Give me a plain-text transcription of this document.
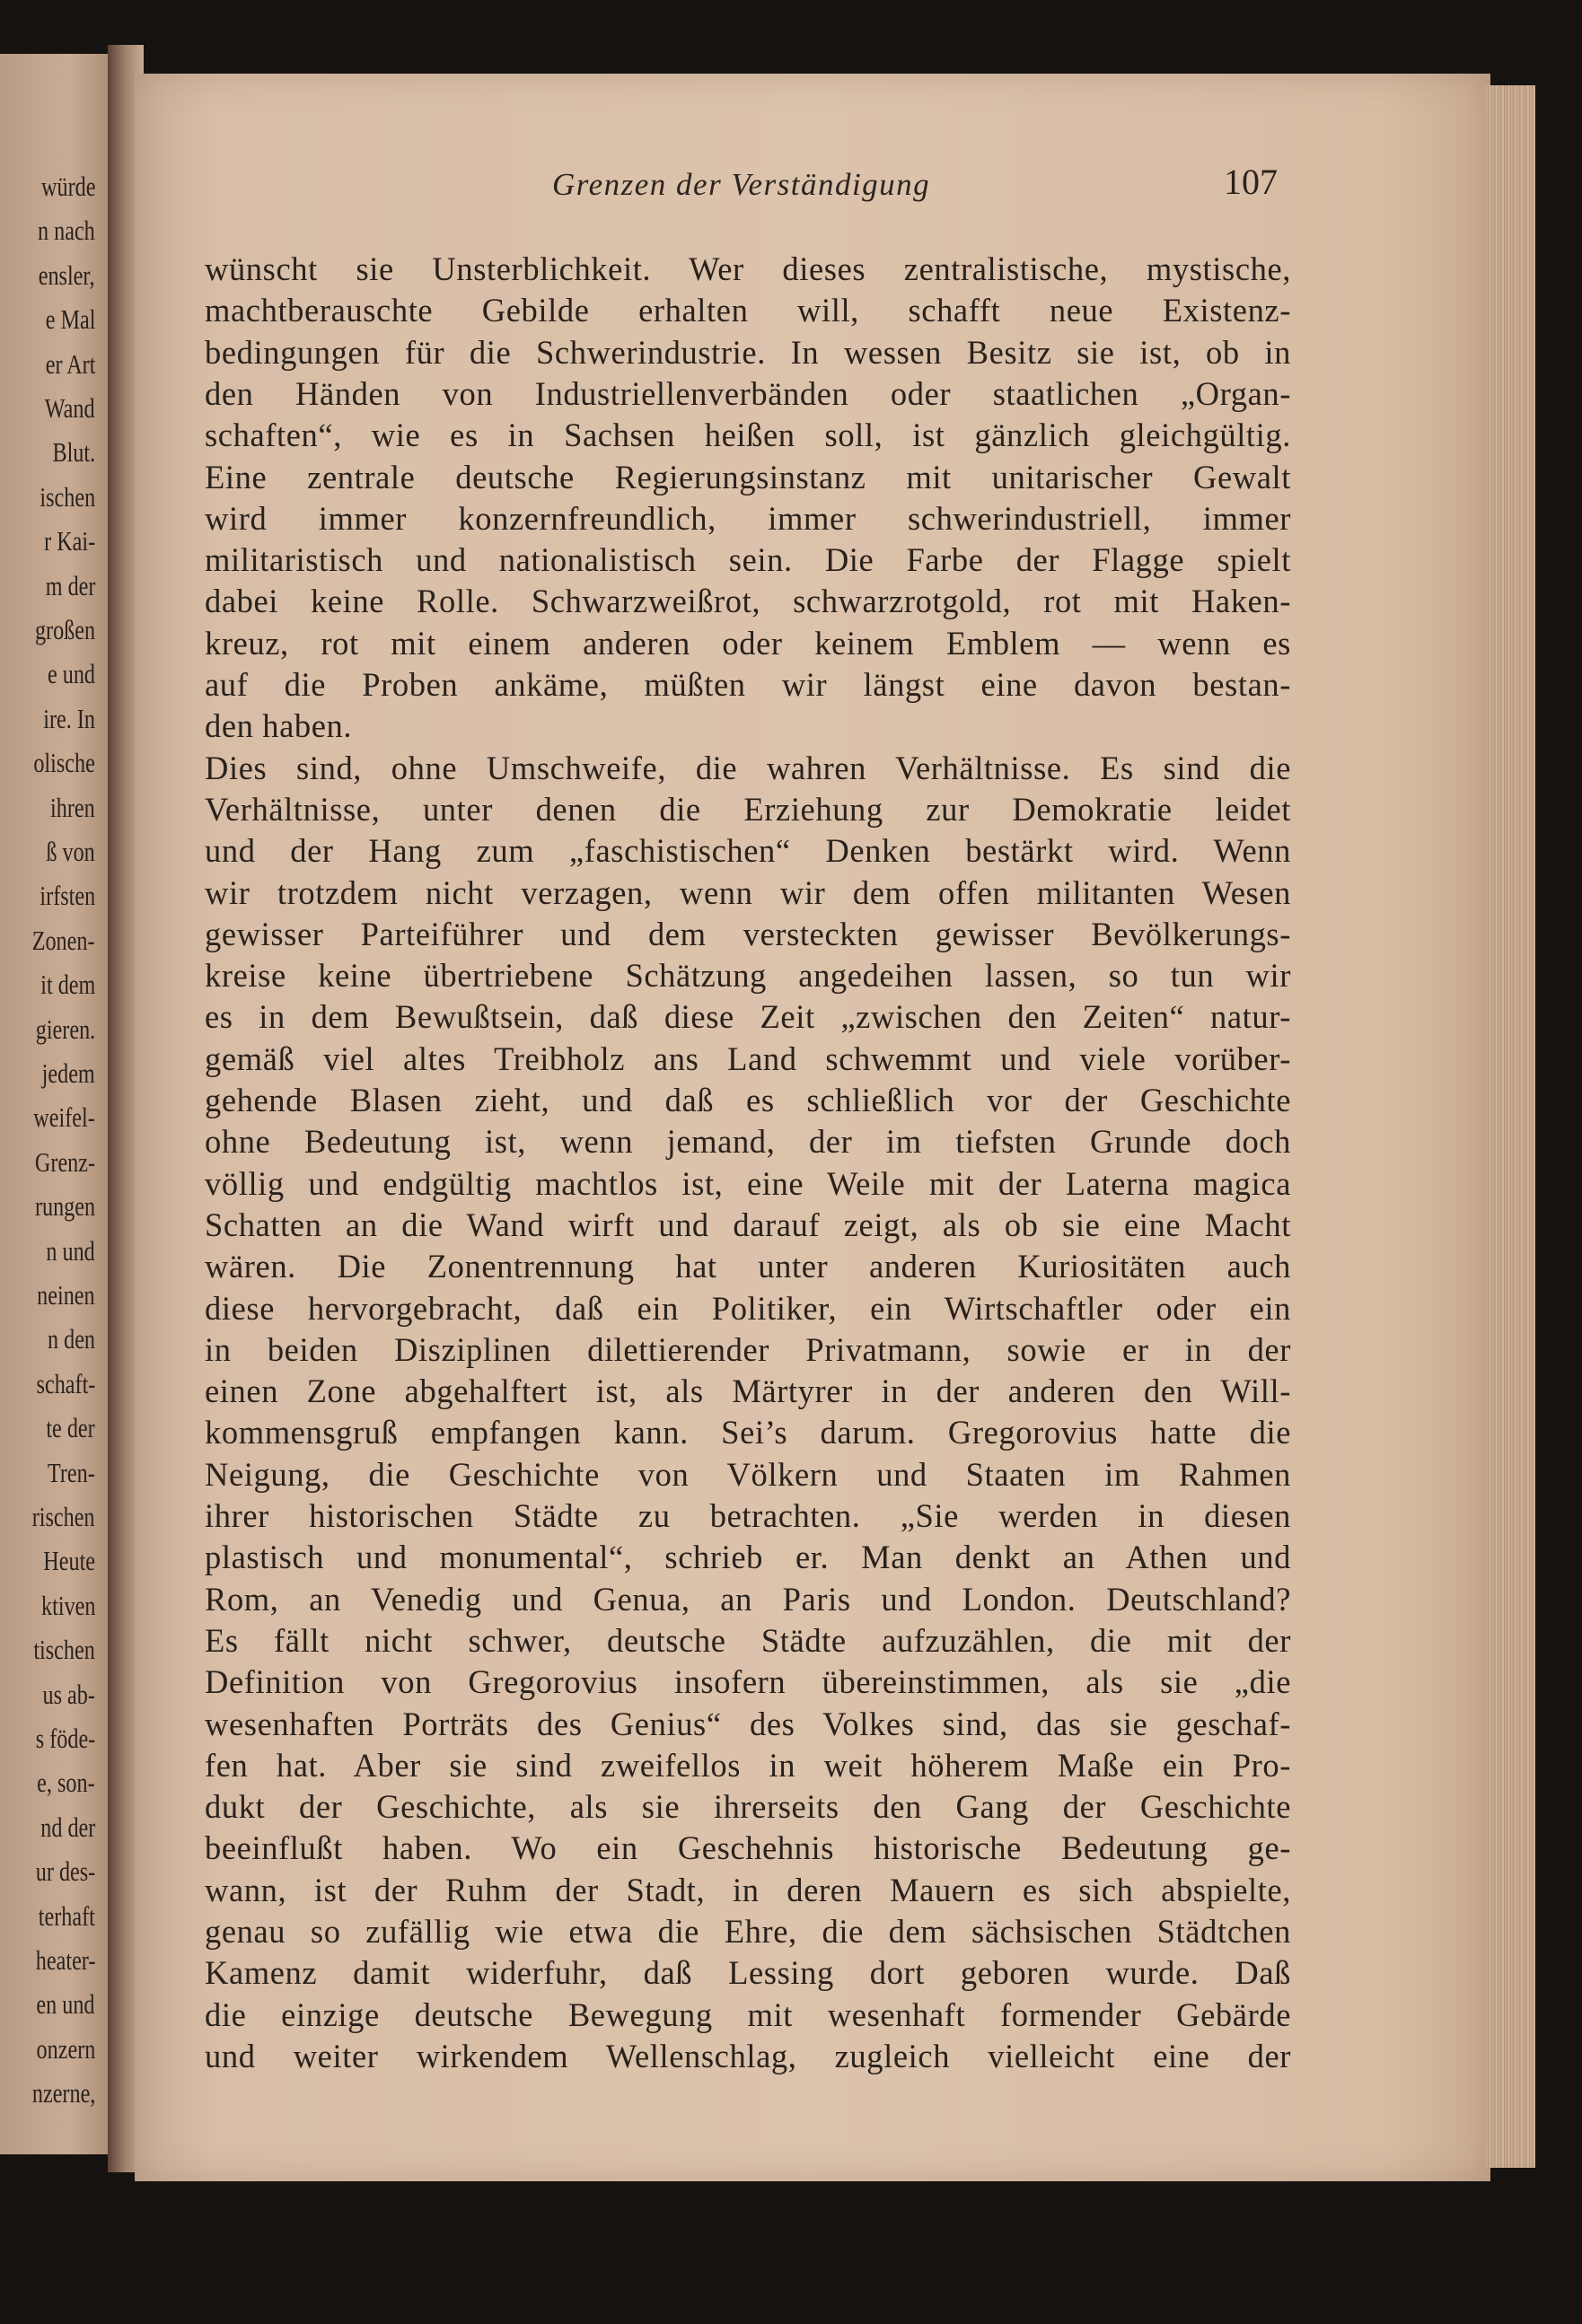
würde
n nach
ensler,
e Mal
er Art
Wand
Blut.
ischen
r Kai-
m der
großen
e und
ire. In
olische
ihren
ß von
irfsten
Zonen-
it dem
gieren.
jedem
weifel-
Grenz-
rungen
n und
neinen
n den
schaft-
te der
Tren-
rischen
Heute
ktiven
tischen
us ab-
s föde-
e, son-
nd der
ur des-
terhaft
heater-
en und
onzern
nzerne,
Grenzen der Verständigung	107
wünscht sie Unsterblichkeit. Wer dieses zentralistische, mystische,
machtberauschte Gebilde erhalten will, schafft neue Existenz-
bedingungen für die Schwerindustrie. In wessen Besitz sie ist, ob in
den Händen von Industriellenverbänden oder staatlichen „Organ-
schaften“, wie es in Sachsen heißen soll, ist gänzlich gleichgültig.
Eine zentrale deutsche Regierungsinstanz mit unitarischer Gewalt
wird immer konzernfreundlich, immer schwerindustriell, immer
militaristisch und nationalistisch sein. Die Farbe der Flagge spielt
dabei keine Rolle. Schwarzweißrot, schwarzrotgold, rot mit Haken-
kreuz, rot mit einem anderen oder keinem Emblem — wenn es
auf die Proben ankäme, müßten wir längst eine davon bestan-
den haben.
Dies sind, ohne Umschweife, die wahren Verhältnisse. Es sind die
Verhältnisse, unter denen die Erziehung zur Demokratie leidet
und der Hang zum „faschistischen“ Denken bestärkt wird. Wenn
wir trotzdem nicht verzagen, wenn wir dem offen militanten Wesen
gewisser Parteiführer und dem versteckten gewisser Bevölkerungs-
kreise keine übertriebene Schätzung angedeihen lassen, so tun wir
es in dem Bewußtsein, daß diese Zeit „zwischen den Zeiten“ natur-
gemäß viel altes Treibholz ans Land schwemmt und viele vorüber-
gehende Blasen zieht, und daß es schließlich vor der Geschichte
ohne Bedeutung ist, wenn jemand, der im tiefsten Grunde doch
völlig und endgültig machtlos ist, eine Weile mit der Laterna magica
Schatten an die Wand wirft und darauf zeigt, als ob sie eine Macht
wären. Die Zonentrennung hat unter anderen Kuriositäten auch
diese hervorgebracht, daß ein Politiker, ein Wirtschaftler oder ein
in beiden Disziplinen dilettierender Privatmann, sowie er in der
einen Zone abgehalftert ist, als Märtyrer in der anderen den Will-
kommensgruß empfangen kann. Sei’s darum. Gregorovius hatte die
Neigung, die Geschichte von Völkern und Staaten im Rahmen
ihrer historischen Städte zu betrachten. „Sie werden in diesen
plastisch und monumental“, schrieb er. Man denkt an Athen und
Rom, an Venedig und Genua, an Paris und London. Deutschland?
Es fällt nicht schwer, deutsche Städte aufzuzählen, die mit der
Definition von Gregorovius insofern übereinstimmen, als sie „die
wesenhaften Porträts des Genius“ des Volkes sind, das sie geschaf-
fen hat. Aber sie sind zweifellos in weit höherem Maße ein Pro-
dukt der Geschichte, als sie ihrerseits den Gang der Geschichte
beeinflußt haben. Wo ein Geschehnis historische Bedeutung ge-
wann, ist der Ruhm der Stadt, in deren Mauern es sich abspielte,
genau so zufällig wie etwa die Ehre, die dem sächsischen Städtchen
Kamenz damit widerfuhr, daß Lessing dort geboren wurde. Daß
die einzige deutsche Bewegung mit wesenhaft formender Gebärde
und weiter wirkendem Wellenschlag, zugleich vielleicht eine der
